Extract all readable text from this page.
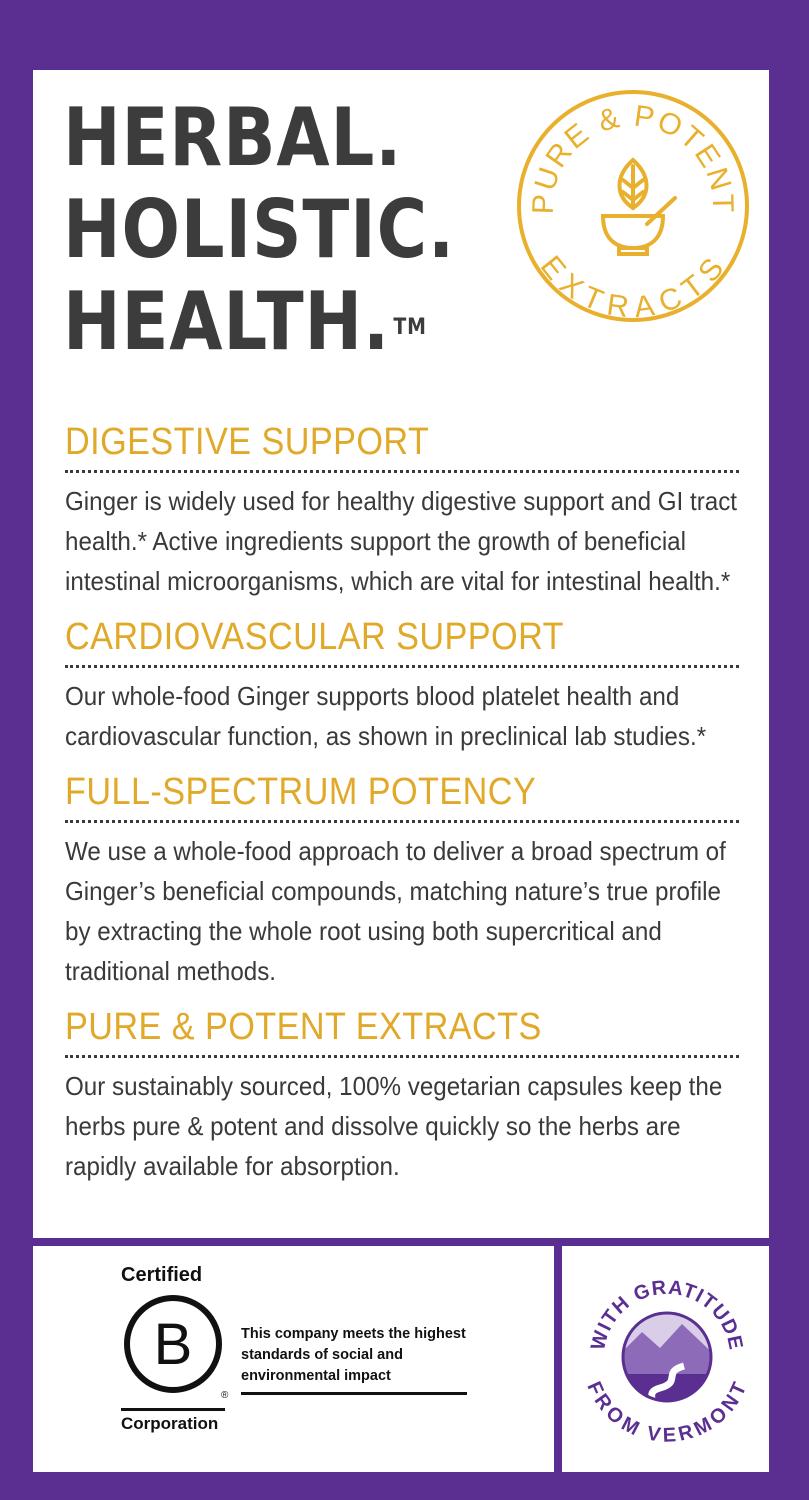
HERBAL.
HOLISTIC.
HEALTH. ™
PURE & POTENT
EXTRACTS
DIGESTIVE SUPPORT
Ginger is widely used for healthy digestive support and GI tract health.* Active ingredients support the growth of beneficial intestinal microorganisms, which are vital for intestinal health.*
CARDIOVASCULAR SUPPORT
Our whole-food Ginger supports blood platelet health and cardiovascular function, as shown in preclinical lab studies.*
FULL-SPECTRUM POTENCY
We use a whole-food approach to deliver a broad spectrum of Ginger’s beneficial compounds, matching nature’s true profile by extracting the whole root using both supercritical and traditional methods.
PURE & POTENT EXTRACTS
Our sustainably sourced, 100% vegetarian capsules keep the herbs pure & potent and dissolve quickly so the herbs are rapidly available for absorption.
Certified
B
®
Corporation
This company meets the highest standards of social and environmental impact
WITH GRATITUDE
FROM VERMONT
